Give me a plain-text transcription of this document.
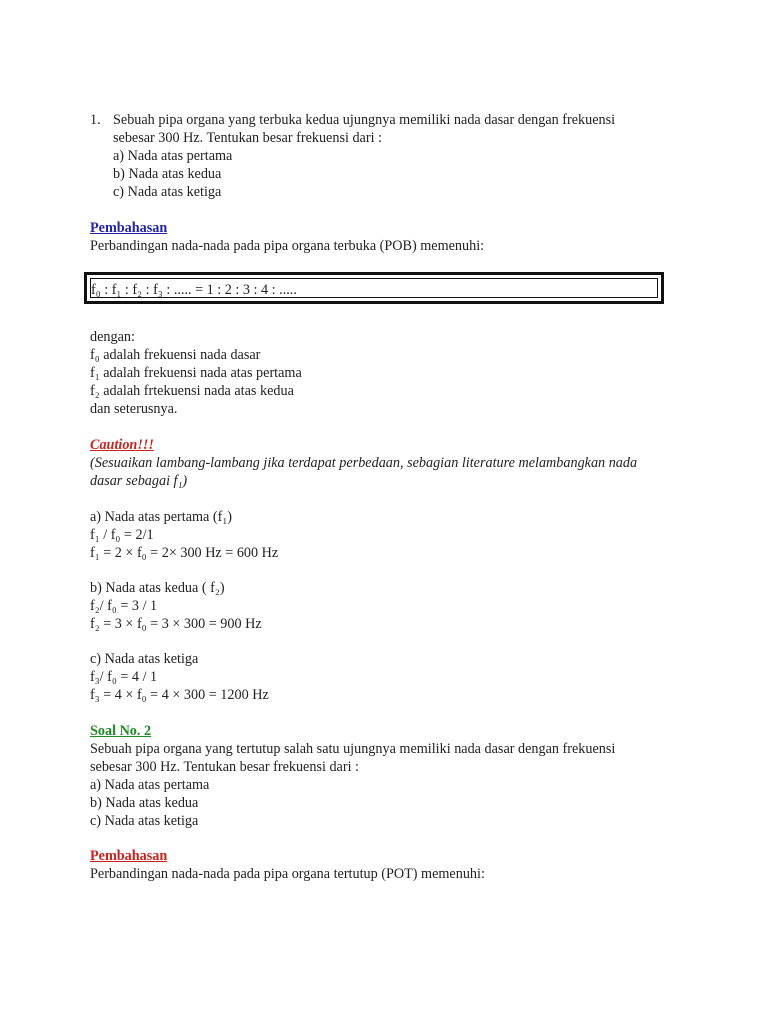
1. Sebuah pipa organa yang terbuka kedua ujungnya memiliki nada dasar dengan frekuensi
sebesar 300 Hz. Tentukan besar frekuensi dari :
a) Nada atas pertama
b) Nada atas kedua
c) Nada atas ketiga
Pembahasan
Perbandingan nada-nada pada pipa organa terbuka (POB) memenuhi:
f₀ : f₁ : f₂ : f₃ : ..... = 1 : 2 : 3 : 4 : .....
dengan:
f₀ adalah frekuensi nada dasar
f₁ adalah frekuensi nada atas pertama
f₂ adalah frtekuensi nada atas kedua
dan seterusnya.
Caution!!!
(Sesuaikan lambang-lambang jika terdapat perbedaan, sebagian literature melambangkan nada
dasar sebagai f₁)
a) Nada atas pertama (f₁)
f₁ / f₀ = 2/1
f₁ = 2 × f₀ = 2× 300 Hz = 600 Hz
b) Nada atas kedua ( f₂)
f₂/ f₀ = 3 / 1
f₂ = 3 × f₀ = 3 × 300 = 900 Hz
c) Nada atas ketiga
f₃/ f₀ = 4 / 1
f₃ = 4 × f₀ = 4 × 300 = 1200 Hz
Soal No. 2
Sebuah pipa organa yang tertutup salah satu ujungnya memiliki nada dasar dengan frekuensi
sebesar 300 Hz. Tentukan besar frekuensi dari :
a) Nada atas pertama
b) Nada atas kedua
c) Nada atas ketiga
Pembahasan
Perbandingan nada-nada pada pipa organa tertutup (POT) memenuhi:
